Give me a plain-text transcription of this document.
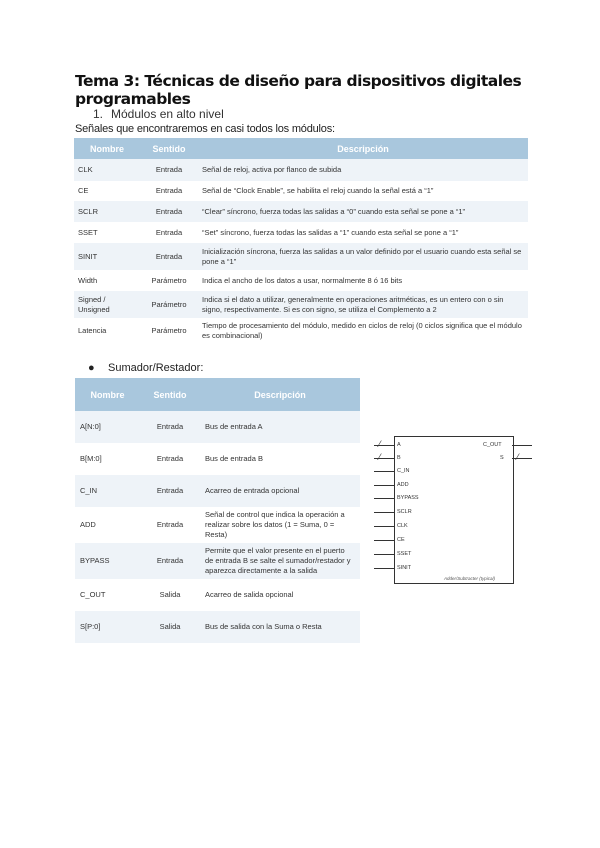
Tema 3: Técnicas de diseño para dispositivos digitales programables
1. Módulos en alto nivel
Señales que encontraremos en casi todos los módulos:
Nombre	Sentido	Descripción
CLK	Entrada	Señal de reloj, activa por flanco de subida
CE	Entrada	Señal de “Clock Enable”, se habilita el reloj cuando la señal está a “1”
SCLR	Entrada	“Clear” síncrono, fuerza todas las salidas a “0” cuando esta señal se pone a “1”
SSET	Entrada	“Set” síncrono, fuerza todas las salidas a “1” cuando esta señal se pone a “1”
SINIT	Entrada	Inicialización síncrona, fuerza las salidas a un valor definido por el usuario cuando esta señal se pone a “1”
Width	Parámetro	Indica el ancho de los datos a usar, normalmente 8 ó 16 bits
Signed / Unsigned	Parámetro	Indica si el dato a utilizar, generalmente en operaciones aritméticas, es un entero con o sin signo, respectivamente. Si es con signo, se utiliza el Complemento a 2
Latencia	Parámetro	Tiempo de procesamiento del módulo, medido en ciclos de reloj (0 ciclos significa que el módulo es combinacional)
● Sumador/Restador:
Nombre	Sentido	Descripción
A[N:0]	Entrada	Bus de entrada A
B[M:0]	Entrada	Bus de entrada B
C_IN	Entrada	Acarreo de entrada opcional
ADD	Entrada	Señal de control que indica la operación a realizar sobre los datos (1 = Suma, 0 = Resta)
BYPASS	Entrada	Permite que el valor presente en el puerto de entrada B se salte el sumador/restador y aparezca directamente a la salida
C_OUT	Salida	Acarreo de salida opcional
S[P:0]	Salida	Bus de salida con la Suma o Resta
⁄
⁄
A
B
C_IN
ADD
BYPASS
SCLR
CLK
CE
SSET
SINIT
⁄
C_OUT
S
Adder/Subtracter (typical)
